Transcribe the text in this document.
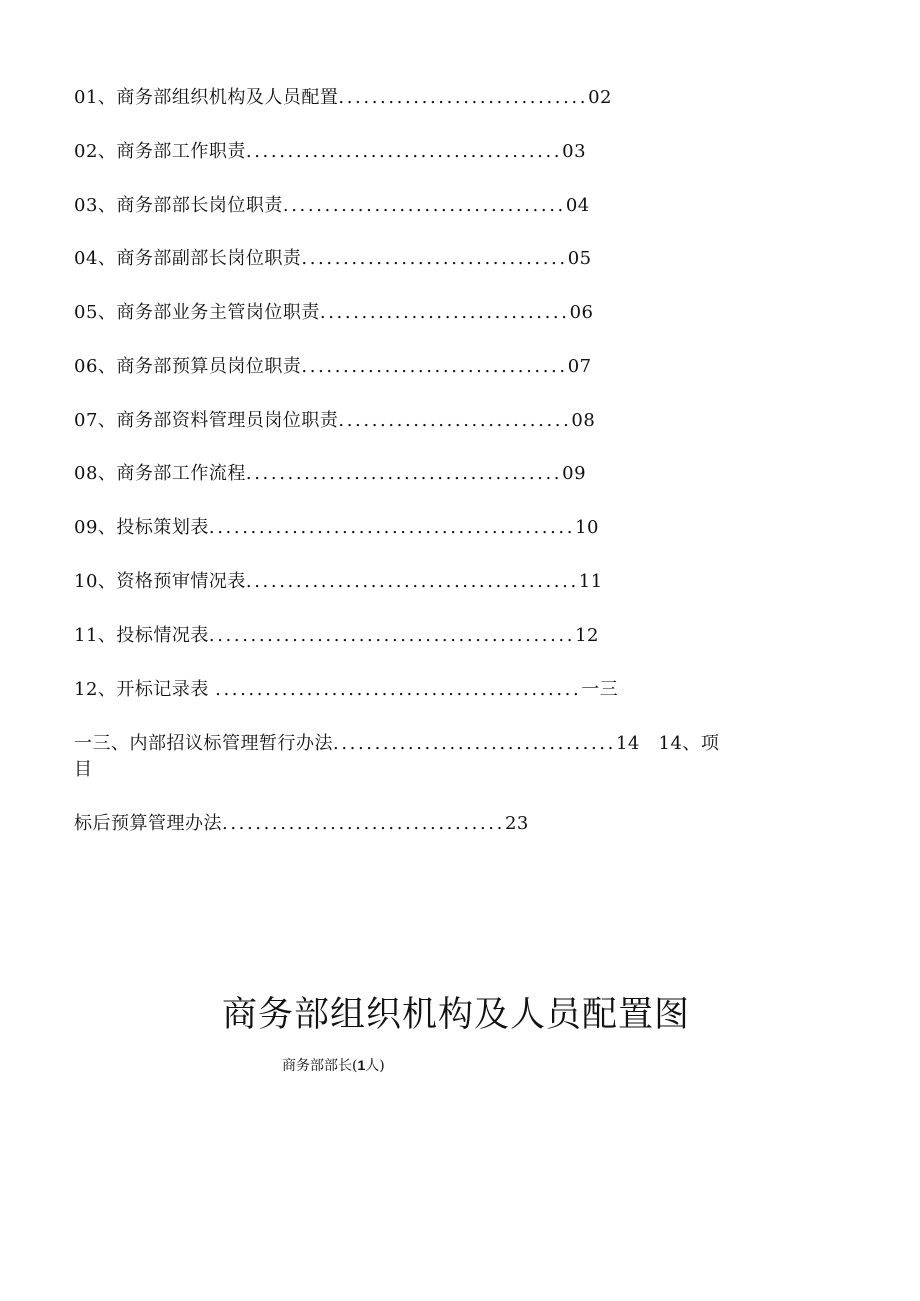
01、商务部组织机构及人员配置..............................02
02、商务部工作职责......................................03
03、商务部部长岗位职责..................................04
04、商务部副部长岗位职责................................05
05、商务部业务主管岗位职责..............................06
06、商务部预算员岗位职责................................07
07、商务部资料管理员岗位职责............................08
08、商务部工作流程......................................09
09、投标策划表............................................10
10、资格预审情况表........................................11
11、投标情况表............................................12
12、开标记录表 ............................................一三
一三、内部招议标管理暂行办法..................................14 14、项
目
标后预算管理办法..................................23
商务部组织机构及人员配置图
商务部部长(1人)
